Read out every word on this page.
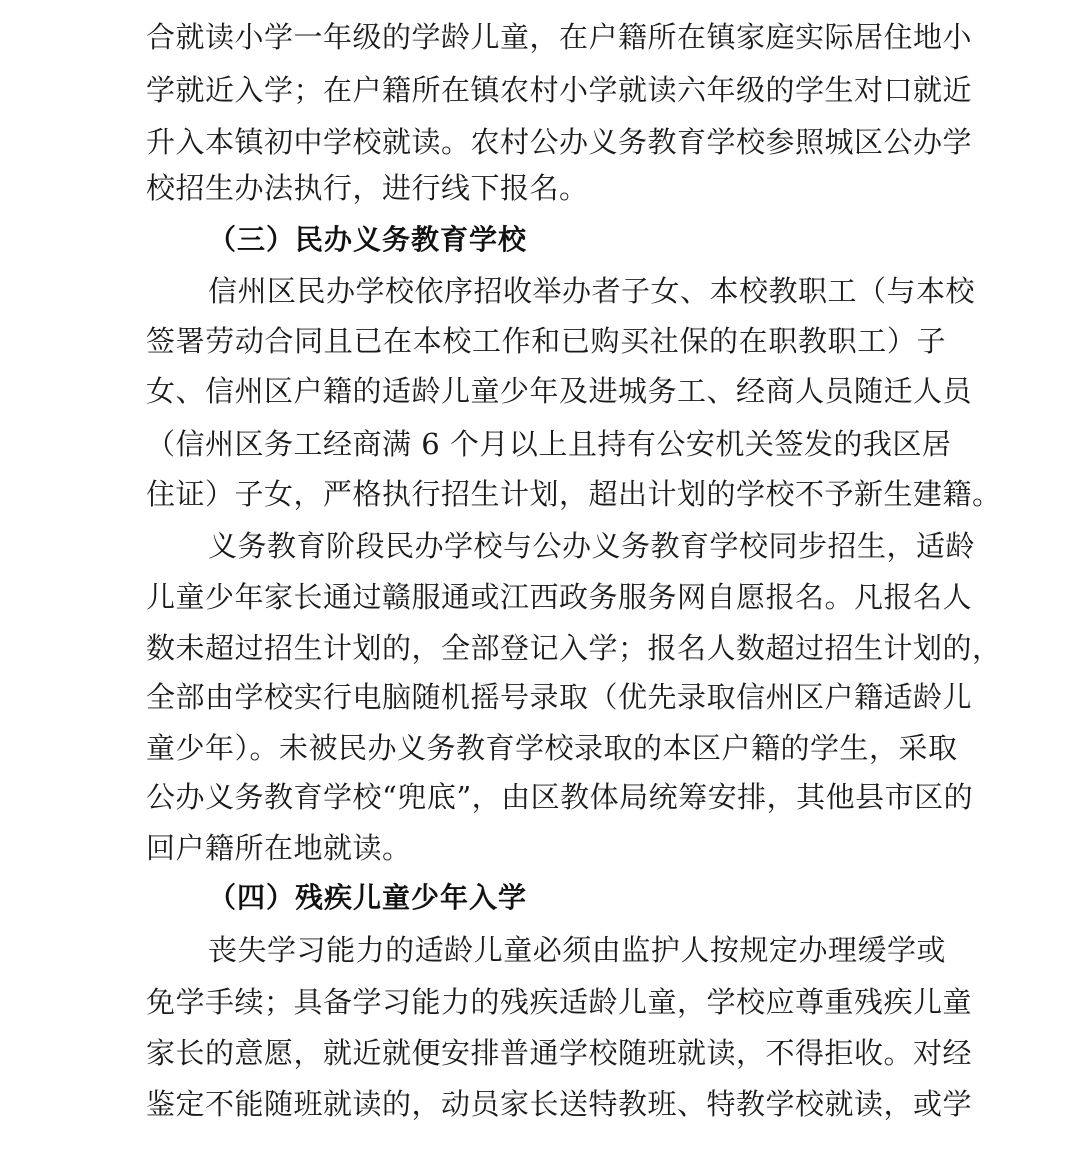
合就读小学一年级的学龄儿童，在户籍所在镇家庭实际居住地小
学就近入学；在户籍所在镇农村小学就读六年级的学生对口就近
升入本镇初中学校就读。农村公办义务教育学校参照城区公办学
校招生办法执行，进行线下报名。
（三）民办义务教育学校
信州区民办学校依序招收举办者子女、本校教职工（与本校
签署劳动合同且已在本校工作和已购买社保的在职教职工）子
女、信州区户籍的适龄儿童少年及进城务工、经商人员随迁人员
（信州区务工经商满 6 个月以上且持有公安机关签发的我区居
住证）子女，严格执行招生计划，超出计划的学校不予新生建籍。
义务教育阶段民办学校与公办义务教育学校同步招生，适龄
儿童少年家长通过赣服通或江西政务服务网自愿报名。凡报名人
数未超过招生计划的，全部登记入学；报名人数超过招生计划的，
全部由学校实行电脑随机摇号录取（优先录取信州区户籍适龄儿
童少年）。未被民办义务教育学校录取的本区户籍的学生，采取
公办义务教育学校“兜底”，由区教体局统筹安排，其他县市区的
回户籍所在地就读。
（四）残疾儿童少年入学
丧失学习能力的适龄儿童必须由监护人按规定办理缓学或
免学手续；具备学习能力的残疾适龄儿童，学校应尊重残疾儿童
家长的意愿，就近就便安排普通学校随班就读，不得拒收。对经
鉴定不能随班就读的，动员家长送特教班、特教学校就读，或学
